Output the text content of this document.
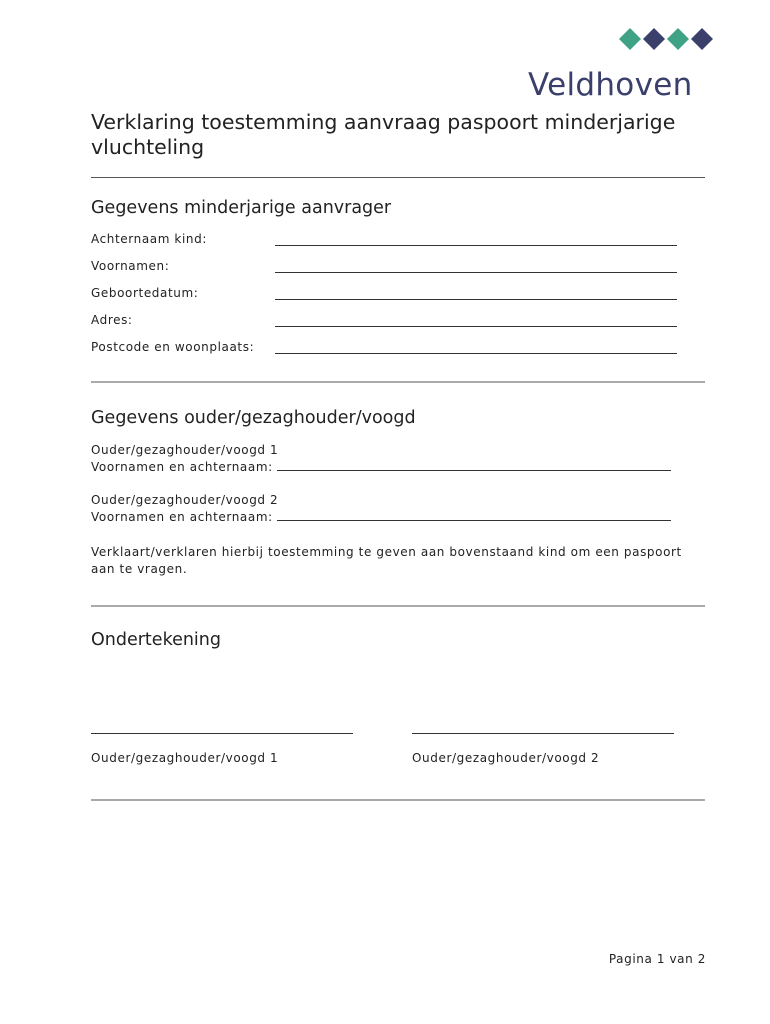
Veldhoven
Verklaring toestemming aanvraag paspoort minderjarige vluchteling
Gegevens minderjarige aanvrager
Achternaam kind:
Voornamen:
Geboortedatum:
Adres:
Postcode en woonplaats:
Gegevens ouder/gezaghouder/voogd
Ouder/gezaghouder/voogd 1
Voornamen en achternaam:
Ouder/gezaghouder/voogd 2
Voornamen en achternaam:
Verklaart/verklaren hierbij toestemming te geven aan bovenstaand kind om een paspoort aan te vragen.
Ondertekening
Ouder/gezaghouder/voogd 1	Ouder/gezaghouder/voogd 2
Pagina 1 van 2
